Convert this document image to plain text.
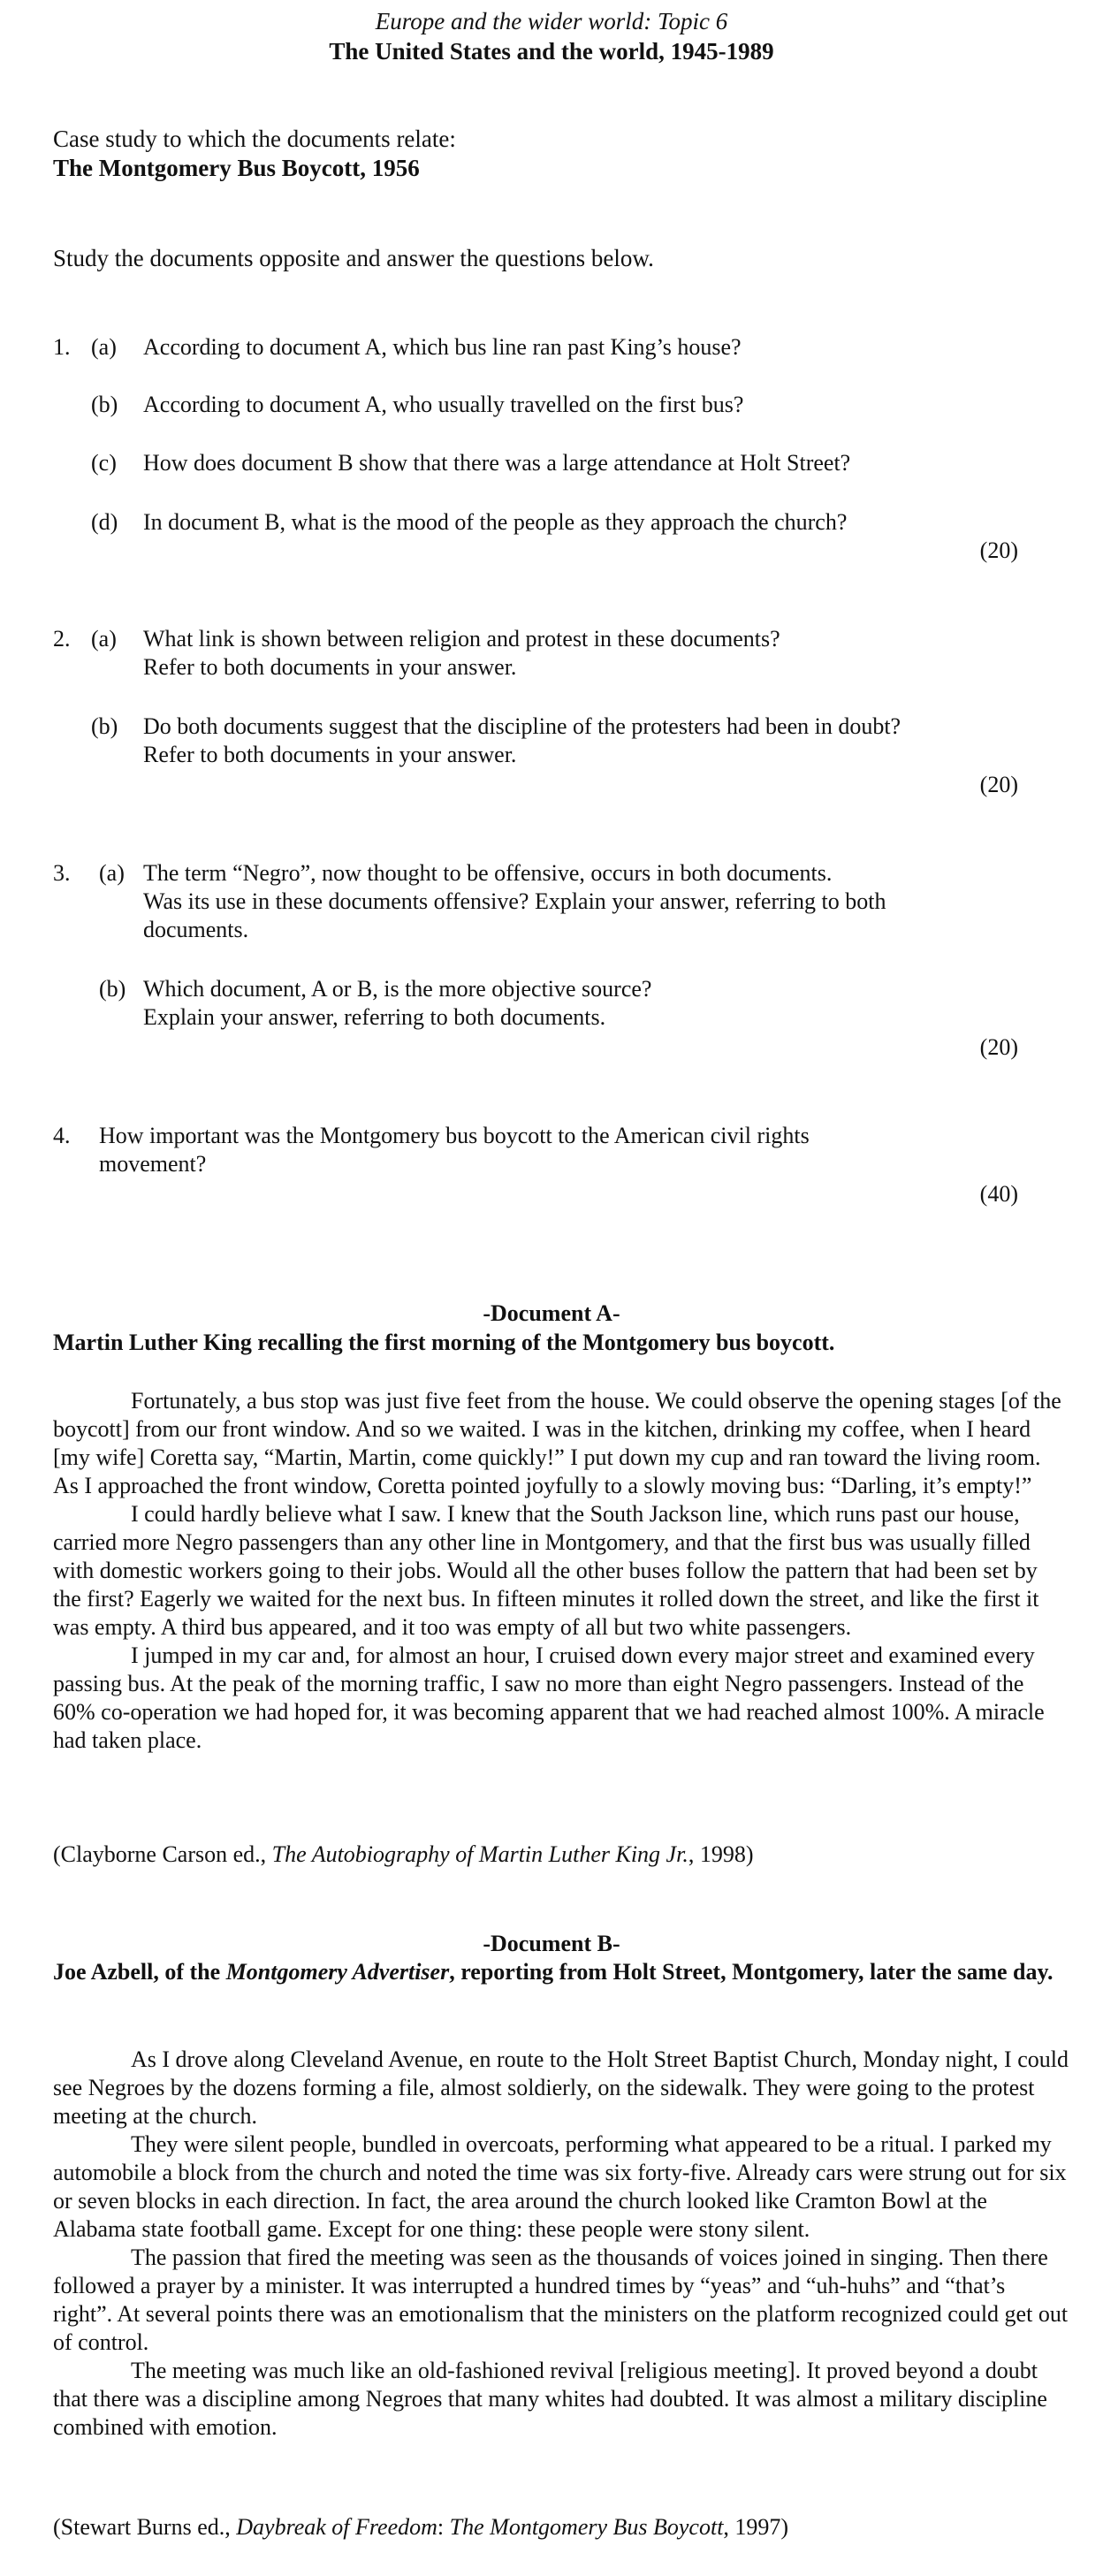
Europe and the wider world: Topic 6
The United States and the world, 1945-1989
Case study to which the documents relate:
The Montgomery Bus Boycott, 1956
Study the documents opposite and answer the questions below.
1. (a) According to document A, which bus line ran past King’s house?
(b) According to document A, who usually travelled on the first bus?
(c) How does document B show that there was a large attendance at Holt Street?
(d) In document B, what is the mood of the people as they approach the church?
(20)
2. (a) What link is shown between religion and protest in these documents?
Refer to both documents in your answer.
(b) Do both documents suggest that the discipline of the protesters had been in doubt?
Refer to both documents in your answer.
(20)
3. (a) The term “Negro”, now thought to be offensive, occurs in both documents.
Was its use in these documents offensive? Explain your answer, referring to both
documents.
(b) Which document, A or B, is the more objective source?
Explain your answer, referring to both documents.
(20)
4. How important was the Montgomery bus boycott to the American civil rights
movement?
(40)
-Document A-
Martin Luther King recalling the first morning of the Montgomery bus boycott.

Fortunately, a bus stop was just five feet from the house. We could observe the opening stages [of the boycott] from our front window. And so we waited. I was in the kitchen, drinking my coffee, when I heard [my wife] Coretta say, “Martin, Martin, come quickly!” I put down my cup and ran toward the living room. As I approached the front window, Coretta pointed joyfully to a slowly moving bus: “Darling, it’s empty!”

I could hardly believe what I saw. I knew that the South Jackson line, which runs past our house, carried more Negro passengers than any other line in Montgomery, and that the first bus was usually filled with domestic workers going to their jobs. Would all the other buses follow the pattern that had been set by the first? Eagerly we waited for the next bus. In fifteen minutes it rolled down the street, and like the first it was empty. A third bus appeared, and it too was empty of all but two white passengers.

I jumped in my car and, for almost an hour, I cruised down every major street and examined every passing bus. At the peak of the morning traffic, I saw no more than eight Negro passengers. Instead of the 60% co-operation we had hoped for, it was becoming apparent that we had reached almost 100%. A miracle had taken place.

(Clayborne Carson ed., The Autobiography of Martin Luther King Jr., 1998)
-Document B-
Joe Azbell, of the Montgomery Advertiser, reporting from Holt Street, Montgomery, later the same day.

As I drove along Cleveland Avenue, en route to the Holt Street Baptist Church, Monday night, I could see Negroes by the dozens forming a file, almost soldierly, on the sidewalk. They were going to the protest meeting at the church.

They were silent people, bundled in overcoats, performing what appeared to be a ritual. I parked my automobile a block from the church and noted the time was six forty-five. Already cars were strung out for six or seven blocks in each direction. In fact, the area around the church looked like Cramton Bowl at the Alabama state football game. Except for one thing: these people were stony silent.

The passion that fired the meeting was seen as the thousands of voices joined in singing. Then there followed a prayer by a minister. It was interrupted a hundred times by “yeas” and “uh-huhs” and “that’s right”. At several points there was an emotionalism that the ministers on the platform recognized could get out of control.

The meeting was much like an old-fashioned revival [religious meeting]. It proved beyond a doubt that there was a discipline among Negroes that many whites had doubted. It was almost a military discipline combined with emotion.

(Stewart Burns ed., Daybreak of Freedom: The Montgomery Bus Boycott, 1997)
